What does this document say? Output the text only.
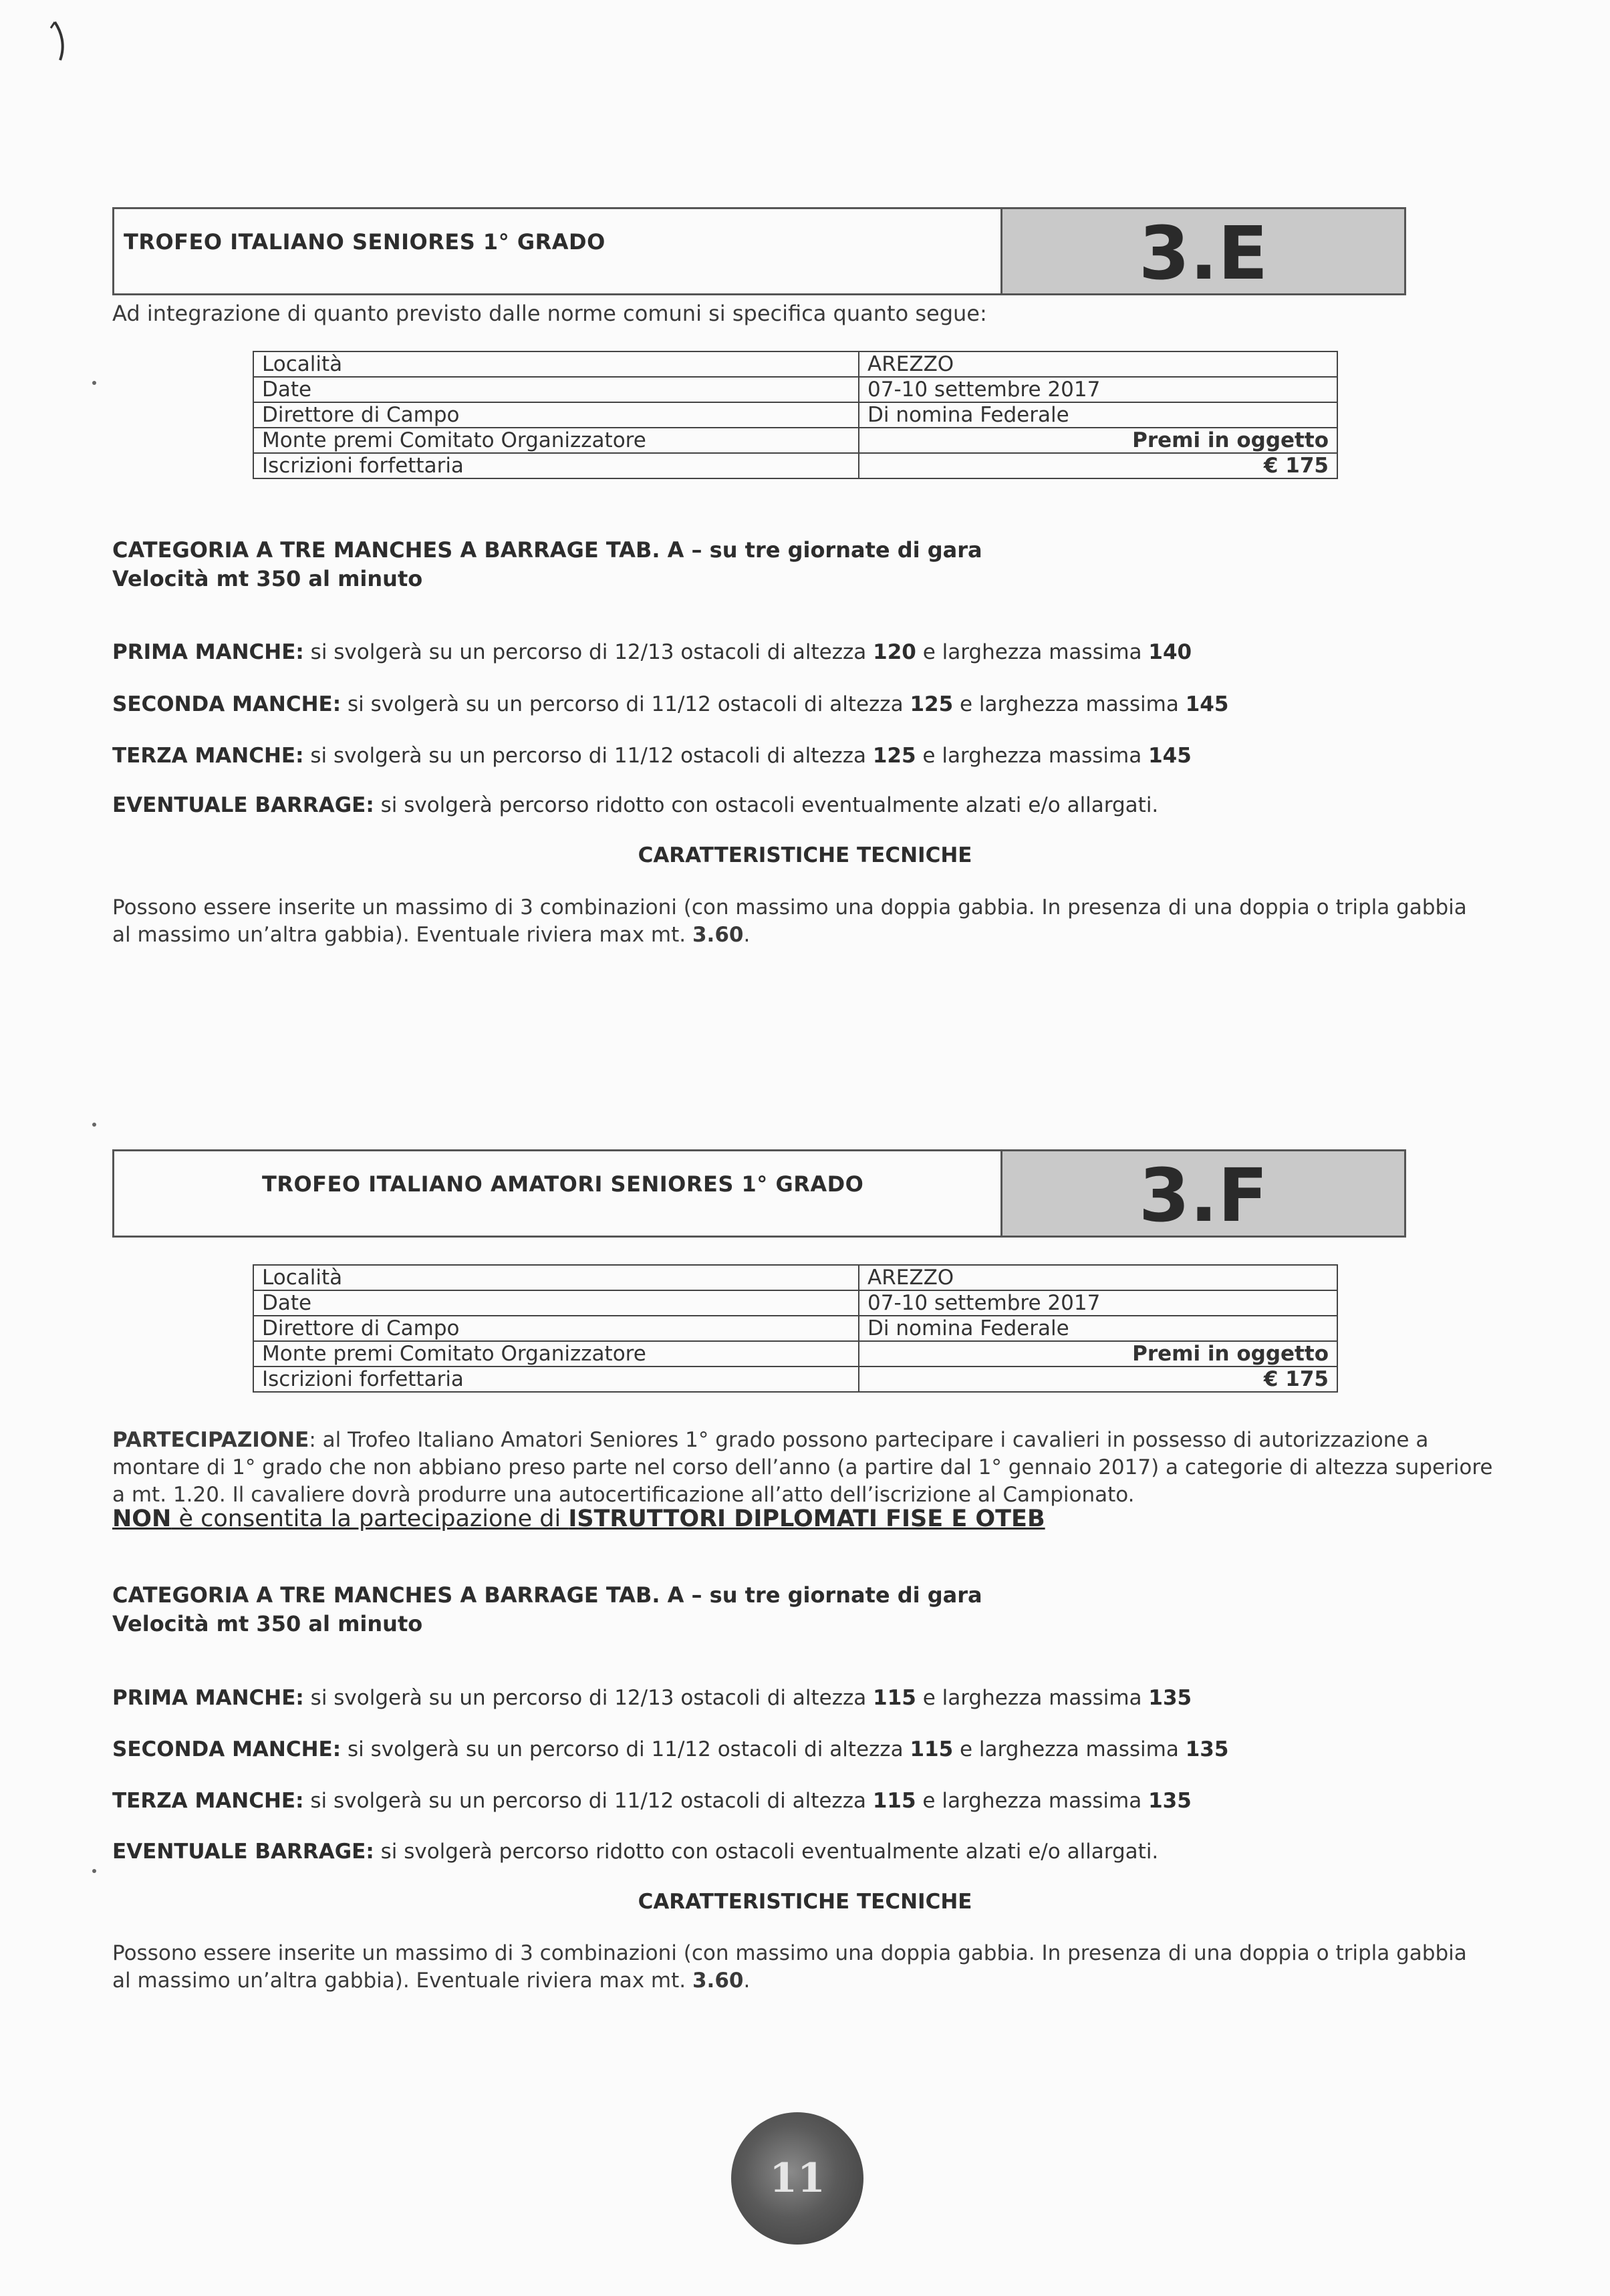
TROFEO ITALIANO SENIORES 1° GRADO	3.E
Ad integrazione di quanto previsto dalle norme comuni si specifica quanto segue:
Località	AREZZO
Date	07-10 settembre 2017
Direttore di Campo	Di nomina Federale
Monte premi Comitato Organizzatore	Premi in oggetto
Iscrizioni forfettaria	€ 175
CATEGORIA A TRE MANCHES A BARRAGE TAB. A – su tre giornate di gara
Velocità mt 350 al minuto
PRIMA MANCHE: si svolgerà su un percorso di 12/13 ostacoli di altezza 120 e larghezza massima 140
SECONDA MANCHE: si svolgerà su un percorso di 11/12 ostacoli di altezza 125 e larghezza massima 145
TERZA MANCHE: si svolgerà su un percorso di 11/12 ostacoli di altezza 125 e larghezza massima 145
EVENTUALE BARRAGE: si svolgerà percorso ridotto con ostacoli eventualmente alzati e/o allargati.
CARATTERISTICHE TECNICHE
Possono essere inserite un massimo di 3 combinazioni (con massimo una doppia gabbia. In presenza di una doppia o tripla gabbia
al massimo un’altra gabbia). Eventuale riviera max mt. 3.60.
TROFEO ITALIANO AMATORI SENIORES 1° GRADO	3.F
Località	AREZZO
Date	07-10 settembre 2017
Direttore di Campo	Di nomina Federale
Monte premi Comitato Organizzatore	Premi in oggetto
Iscrizioni forfettaria	€ 175
PARTECIPAZIONE: al Trofeo Italiano Amatori Seniores 1° grado possono partecipare i cavalieri in possesso di autorizzazione a
montare di 1° grado che non abbiano preso parte nel corso dell’anno (a partire dal 1° gennaio 2017) a categorie di altezza superiore
a mt. 1.20. Il cavaliere dovrà produrre una autocertificazione all’atto dell’iscrizione al Campionato.
NON è consentita la partecipazione di ISTRUTTORI DIPLOMATI FISE E OTEB
CATEGORIA A TRE MANCHES A BARRAGE TAB. A – su tre giornate di gara
Velocità mt 350 al minuto
PRIMA MANCHE: si svolgerà su un percorso di 12/13 ostacoli di altezza 115 e larghezza massima 135
SECONDA MANCHE: si svolgerà su un percorso di 11/12 ostacoli di altezza 115 e larghezza massima 135
TERZA MANCHE: si svolgerà su un percorso di 11/12 ostacoli di altezza 115 e larghezza massima 135
EVENTUALE BARRAGE: si svolgerà percorso ridotto con ostacoli eventualmente alzati e/o allargati.
CARATTERISTICHE TECNICHE
Possono essere inserite un massimo di 3 combinazioni (con massimo una doppia gabbia. In presenza di una doppia o tripla gabbia
al massimo un’altra gabbia). Eventuale riviera max mt. 3.60.
11
